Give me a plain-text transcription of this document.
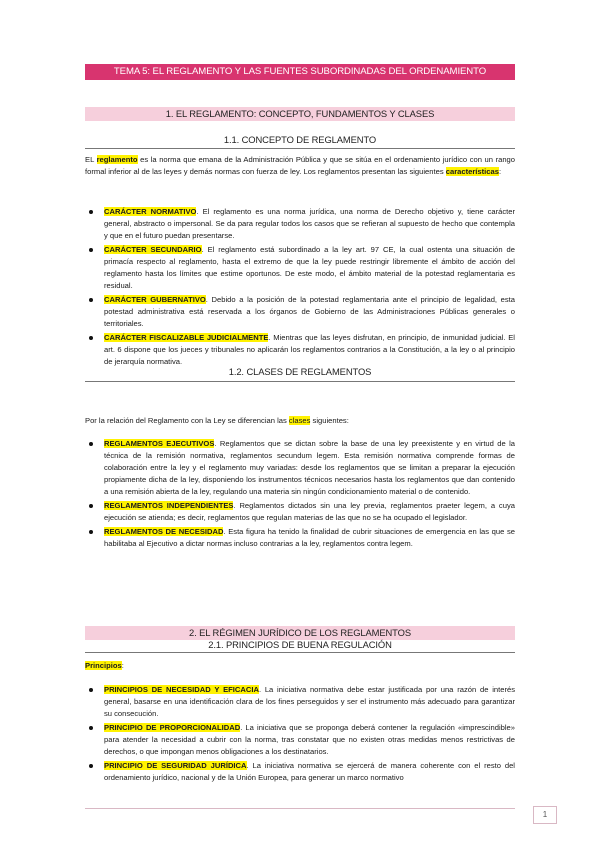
TEMA 5: EL REGLAMENTO Y LAS FUENTES SUBORDINADAS DEL ORDENAMIENTO
1. EL REGLAMENTO: CONCEPTO, FUNDAMENTOS Y CLASES
1.1. CONCEPTO DE REGLAMENTO
EL reglamento es la norma que emana de la Administración Pública y que se sitúa en el ordenamiento jurídico con un rango formal inferior al de las leyes y demás normas con fuerza de ley. Los reglamentos presentan las siguientes características:
CARÁCTER NORMATIVO. El reglamento es una norma jurídica, una norma de Derecho objetivo y, tiene carácter general, abstracto o impersonal. Se da para regular todos los casos que se refieran al supuesto de hecho que contempla y que en el futuro puedan presentarse.
CARÁCTER SECUNDARIO. El reglamento está subordinado a la ley art. 97 CE, la cual ostenta una situación de primacía respecto al reglamento, hasta el extremo de que la ley puede restringir libremente el ámbito de acción del reglamento hasta los límites que estime oportunos. De este modo, el ámbito material de la potestad reglamentaria es residual.
CARÁCTER GUBERNATIVO. Debido a la posición de la potestad reglamentaria ante el principio de legalidad, esta potestad administrativa está reservada a los órganos de Gobierno de las Administraciones Públicas generales o territoriales.
CARÁCTER FISCALIZABLE JUDICIALMENTE. Mientras que las leyes disfrutan, en principio, de inmunidad judicial. El art. 6 dispone que los jueces y tribunales no aplicarán los reglamentos contrarios a la Constitución, a la ley o al principio de jerarquía normativa.
1.2. CLASES DE REGLAMENTOS
Por la relación del Reglamento con la Ley se diferencian las clases siguientes:
REGLAMENTOS EJECUTIVOS. Reglamentos que se dictan sobre la base de una ley preexistente y en virtud de la técnica de la remisión normativa, reglamentos secundum legem. Esta remisión normativa comprende formas de colaboración entre la ley y el reglamento muy variadas: desde los reglamentos que se limitan a preparar la ejecución propiamente dicha de la ley, disponiendo los instrumentos técnicos necesarios hasta los reglamentos que dan contenido a una remisión abierta de la ley, regulando una materia sin ningún condicionamiento material o de contenido.
REGLAMENTOS INDEPENDIENTES. Reglamentos dictados sin una ley previa, reglamentos praeter legem, a cuya ejecución se atienda; es decir, reglamentos que regulan materias de las que no se ha ocupado el legislador.
REGLAMENTOS DE NECESIDAD. Esta figura ha tenido la finalidad de cubrir situaciones de emergencia en las que se habilitaba al Ejecutivo a dictar normas incluso contrarias a la ley, reglamentos contra legem.
2. EL RÉGIMEN JURÍDICO DE LOS REGLAMENTOS
2.1. PRINCIPIOS DE BUENA REGULACIÓN
Principios:
PRINCIPIOS DE NECESIDAD Y EFICACIA. La iniciativa normativa debe estar justificada por una razón de interés general, basarse en una identificación clara de los fines perseguidos y ser el instrumento más adecuado para garantizar su consecución.
PRINCIPIO DE PROPORCIONALIDAD. La iniciativa que se proponga deberá contener la regulación «imprescindible» para atender la necesidad a cubrir con la norma, tras constatar que no existen otras medidas menos restrictivas de derechos, o que impongan menos obligaciones a los destinatarios.
PRINCIPIO DE SEGURIDAD JURÍDICA. La iniciativa normativa se ejercerá de manera coherente con el resto del ordenamiento jurídico, nacional y de la Unión Europea, para generar un marco normativo
1
